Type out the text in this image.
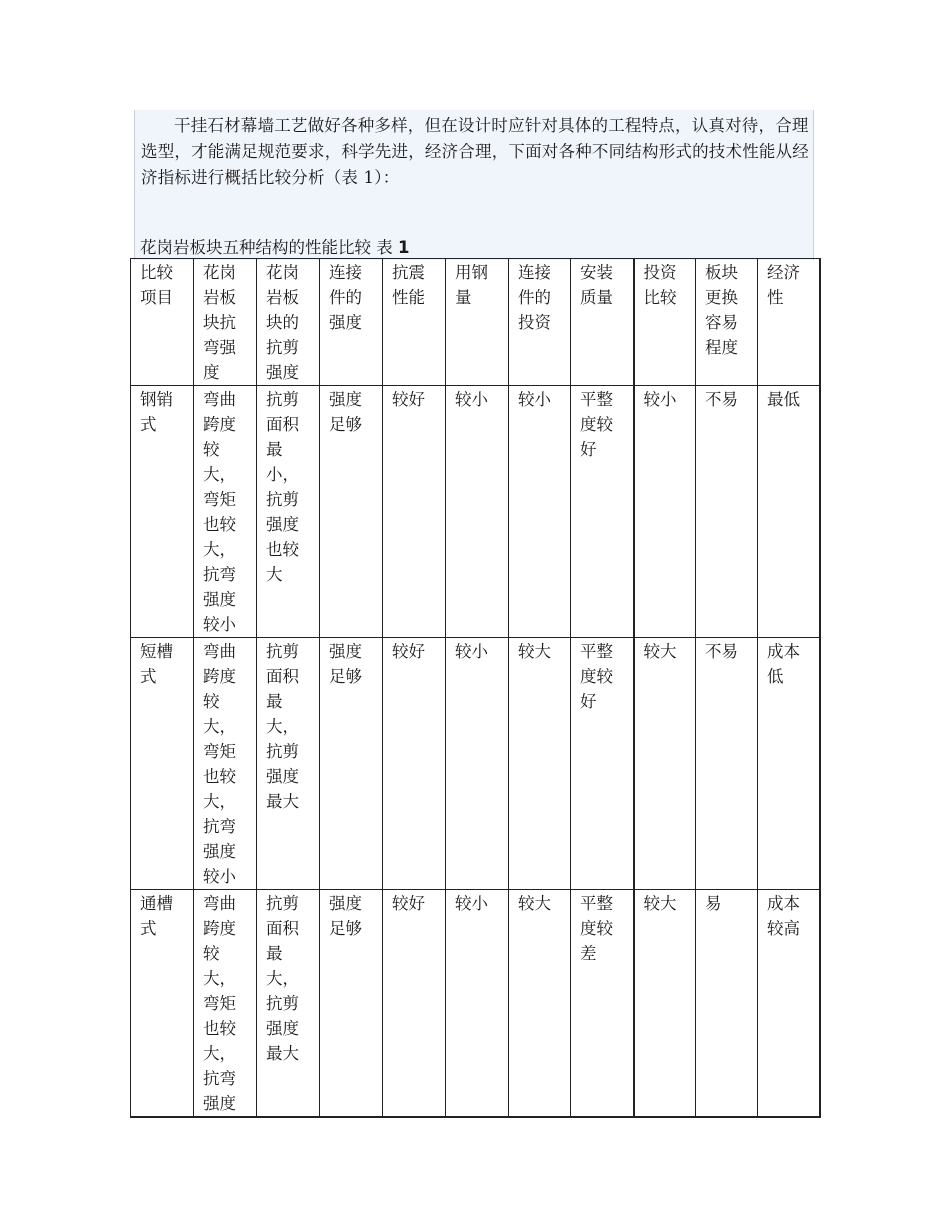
干挂石材幕墙工艺做好各种多样，但在设计时应针对具体的工程特点，认真对待，合理选型，才能满足规范要求，科学先进，经济合理，下面对各种不同结构形式的技术性能从经济指标进行概括比较分析（表 1）：

花岗岩板块五种结构的性能比较 表 1
比较项目	花岗岩板块抗弯强度	花岗岩板块的抗剪强度	连接件的强度	抗震性能	用钢量	连接件的投资	安装质量	投资比较	板块更换容易程度	经济性
钢销式	弯曲跨度较大，弯矩也较大，抗弯强度较小	抗剪面积最小，抗剪强度也较大	强度足够	较好	较小	较小	平整度较好	较小	不易	最低
短槽式	弯曲跨度较大，弯矩也较大，抗弯强度较小	抗剪面积最大，抗剪强度最大	强度足够	较好	较小	较大	平整度较好	较大	不易	成本低
通槽式	弯曲跨度较大，弯矩也较大，抗弯强度	抗剪面积最大，抗剪强度最大	强度足够	较好	较小	较大	平整度较差	较大	易	成本较高
